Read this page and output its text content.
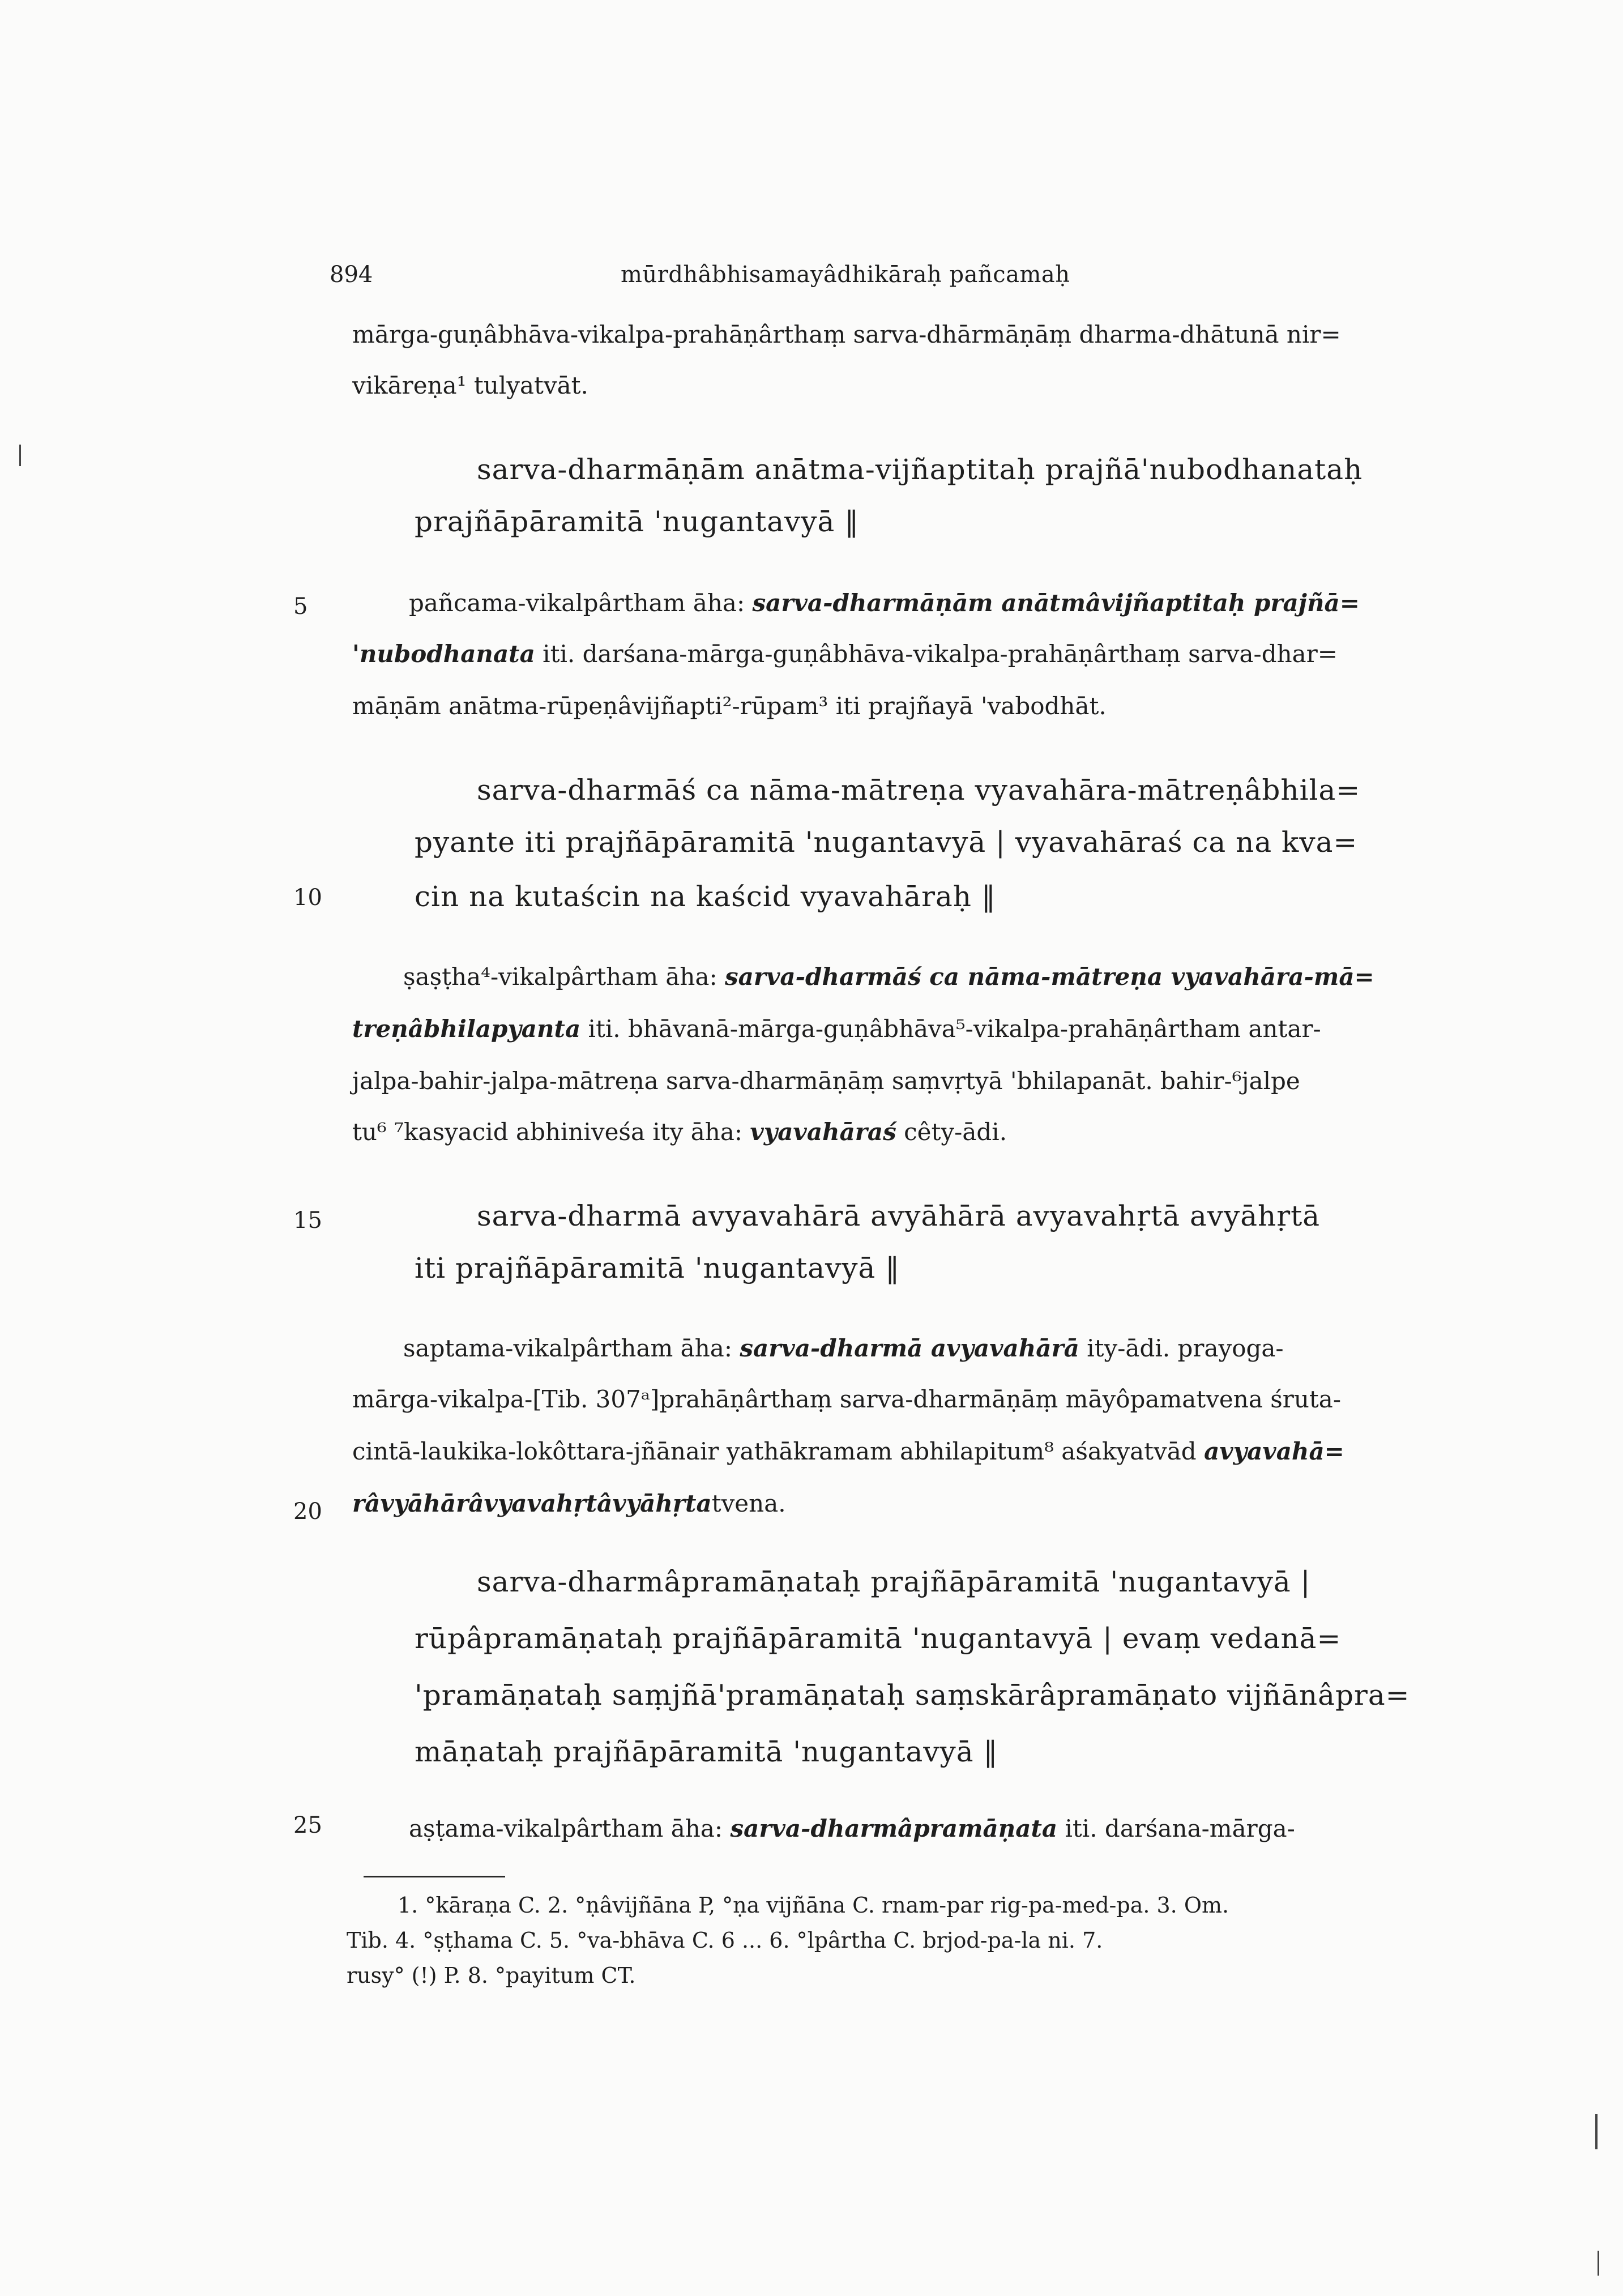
894	mūrdhâbhisamayâdhikāraḥ pañcamaḥ
5
10
15
20
25
mārga-guṇâbhāva-vikalpa-prahāṇârthaṃ sarva-dhārmāṇāṃ dharma-dhātunā nir=
vikāreṇa¹ tulyatvāt.
sarva-dharmāṇām anātma-vijñaptitaḥ prajñā'nubodhanataḥ
prajñāpāramitā 'nugantavyā ‖
pañcama-vikalpârtham āha: sarva-dharmāṇām anātmâvijñaptitaḥ prajñā=
'nubodhanata iti. darśana-mārga-guṇâbhāva-vikalpa-prahāṇârthaṃ sarva-dhar=
māṇām anātma-rūpeṇâvijñapti²-rūpam³ iti prajñayā 'vabodhāt.
sarva-dharmāś ca nāma-mātreṇa vyavahāra-mātreṇâbhila=
pyante iti prajñāpāramitā 'nugantavyā | vyavahāraś ca na kva=
cin na kutaścin na kaścid vyavahāraḥ ‖
ṣaṣṭha⁴-vikalpârtham āha: sarva-dharmāś ca nāma-mātreṇa vyavahāra-mā=
treṇâbhilapyanta iti. bhāvanā-mārga-guṇâbhāva⁵-vikalpa-prahāṇârtham antar-
jalpa-bahir-jalpa-mātreṇa sarva-dharmāṇāṃ saṃvṛtyā 'bhilapanāt. bahir-⁶jalpe
tu⁶ ⁷kasyacid abhiniveśa ity āha: vyavahāraś cêty-ādi.
sarva-dharmā avyavahārā avyāhārā avyavahṛtā avyāhṛtā
iti prajñāpāramitā 'nugantavyā ‖
saptama-vikalpârtham āha: sarva-dharmā avyavahārā ity-ādi. prayoga-
mārga-vikalpa-[Tib. 307ᵃ]prahāṇârthaṃ sarva-dharmāṇāṃ māyôpamatvena śruta-
cintā-laukika-lokôttara-jñānair yathākramam abhilapitum⁸ aśakyatvād avyavahā=
râvyāhārâvyavahṛtâvyāhṛtatvena.
sarva-dharmâpramāṇataḥ prajñāpāramitā 'nugantavyā |
rūpâpramāṇataḥ prajñāpāramitā 'nugantavyā | evaṃ vedanā=
'pramāṇataḥ saṃjñā'pramāṇataḥ saṃskārâpramāṇato vijñānâpra=
māṇataḥ prajñāpāramitā 'nugantavyā ‖
aṣṭama-vikalpârtham āha: sarva-dharmâpramāṇata iti. darśana-mārga-
1. °kāraṇa C. 2. °ṇâvijñāna P, °ṇa vijñāna C. rnam-par rig-pa-med-pa. 3. Om.
Tib. 4. °ṣṭhama C. 5. °va-bhāva C. 6 ... 6. °lpârtha C. brjod-pa-la ni. 7.
rusy° (!) P. 8. °payitum CT.
